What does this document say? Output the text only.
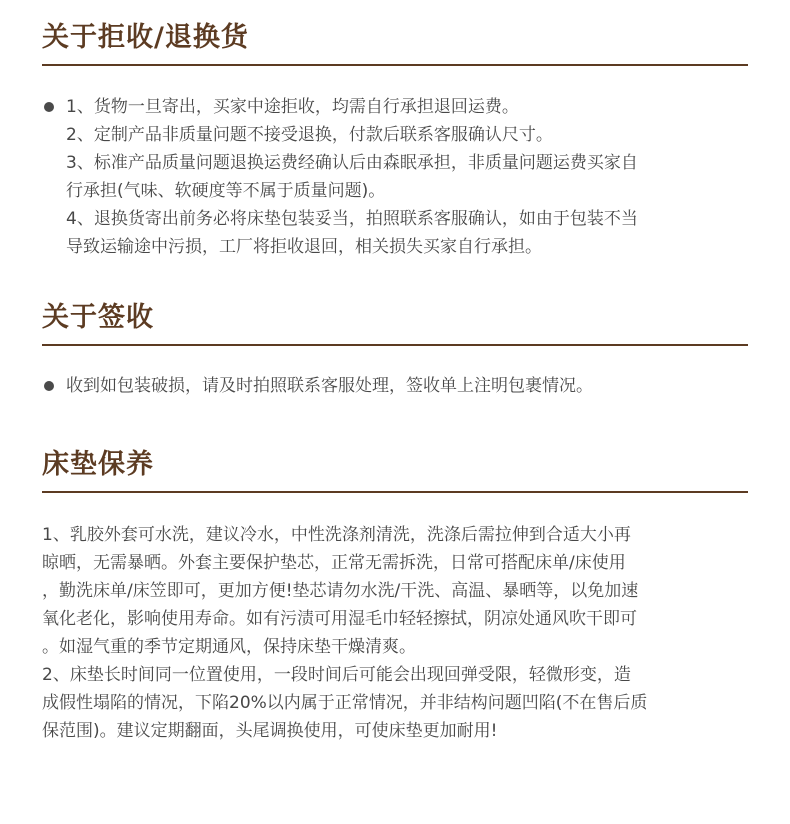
关于拒收/退换货
1、货物一旦寄出，买家中途拒收，均需自行承担退回运费。
2、定制产品非质量问题不接受退换，付款后联系客服确认尺寸。
3、标准产品质量问题退换运费经确认后由森眠承担，非质量问题运费买家自
行承担(气味、软硬度等不属于质量问题)。
4、退换货寄出前务必将床垫包装妥当，拍照联系客服确认，如由于包装不当
导致运输途中污损，工厂将拒收退回，相关损失买家自行承担。
关于签收
收到如包装破损，请及时拍照联系客服处理，签收单上注明包裹情况。
床垫保养
1、乳胶外套可水洗，建议冷水，中性洗涤剂清洗，洗涤后需拉伸到合适大小再
晾晒，无需暴晒。外套主要保护垫芯，正常无需拆洗，日常可搭配床单/床使用
，勤洗床单/床笠即可，更加方便!垫芯请勿水洗/干洗、高温、暴晒等，以免加速
氧化老化，影响使用寿命。如有污渍可用湿毛巾轻轻擦拭，阴凉处通风吹干即可
。如湿气重的季节定期通风，保持床垫干燥清爽。
2、床垫长时间同一位置使用，一段时间后可能会出现回弹受限，轻微形变，造
成假性塌陷的情况，下陷20%以内属于正常情况，并非结构问题凹陷(不在售后质
保范围)。建议定期翻面，头尾调换使用，可使床垫更加耐用!
